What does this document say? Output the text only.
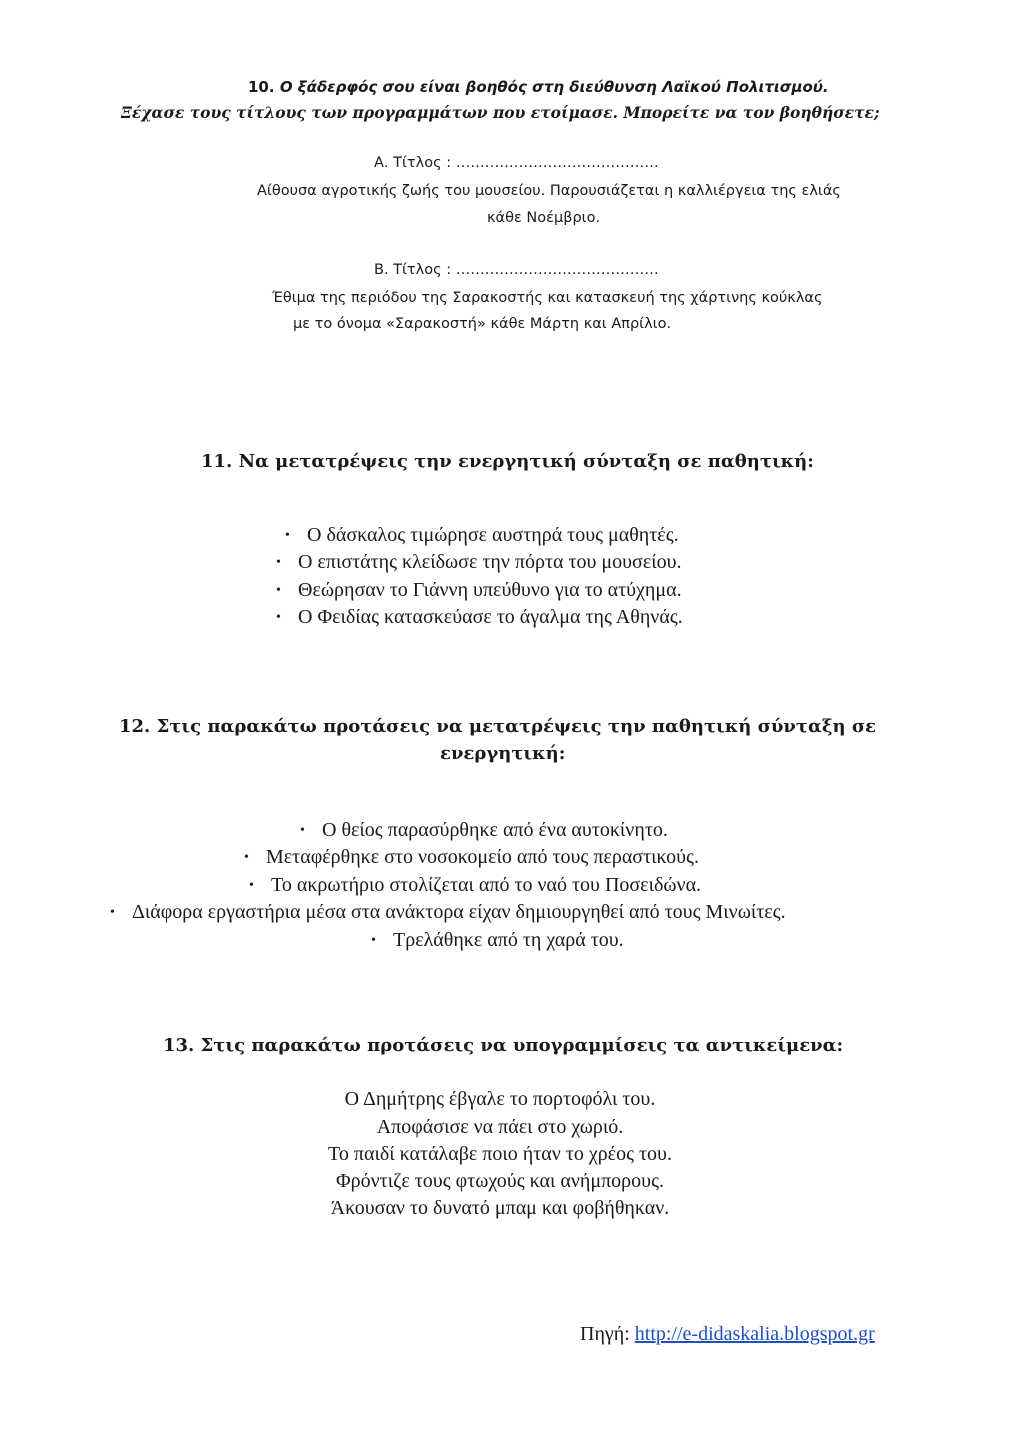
10. Ο ξάδερφός σου είναι βοηθός στη διεύθυνση Λαϊκού Πολιτισμού.
Ξέχασε τους τίτλους των προγραμμάτων που ετοίμασε. Μπορείτε να τον βοηθήσετε;
Α. Τίτλος : ……………………………………
Αίθουσα αγροτικής ζωής του μουσείου. Παρουσιάζεται η καλλιέργεια της ελιάς
κάθε Νοέμβριο.
Β. Τίτλος : ……………………………………
Έθιμα της περιόδου της Σαρακοστής και κατασκευή της χάρτινης κούκλας
με το όνομα «Σαρακοστή» κάθε Μάρτη και Απρίλιο.
11. Να μετατρέψεις την ενεργητική σύνταξη σε παθητική:
• Ο δάσκαλος τιμώρησε αυστηρά τους μαθητές.
• Ο επιστάτης κλείδωσε την πόρτα του μουσείου.
• Θεώρησαν το Γιάννη υπεύθυνο για το ατύχημα.
• Ο Φειδίας κατασκεύασε το άγαλμα της Αθηνάς.
12. Στις παρακάτω προτάσεις να μετατρέψεις την παθητική σύνταξη σε
ενεργητική:
• Ο θείος παρασύρθηκε από ένα αυτοκίνητο.
• Μεταφέρθηκε στο νοσοκομείο από τους περαστικούς.
• Το ακρωτήριο στολίζεται από το ναό του Ποσειδώνα.
• Διάφορα εργαστήρια μέσα στα ανάκτορα είχαν δημιουργηθεί από τους Μινωίτες.
• Τρελάθηκε από τη χαρά του.
13. Στις παρακάτω προτάσεις να υπογραμμίσεις τα αντικείμενα:
Ο Δημήτρης έβγαλε το πορτοφόλι του.
Αποφάσισε να πάει στο χωριό.
Το παιδί κατάλαβε ποιο ήταν το χρέος του.
Φρόντιζε τους φτωχούς και ανήμπορους.
Άκουσαν το δυνατό μπαμ και φοβήθηκαν.
Πηγή: http://e-didaskalia.blogspot.gr
